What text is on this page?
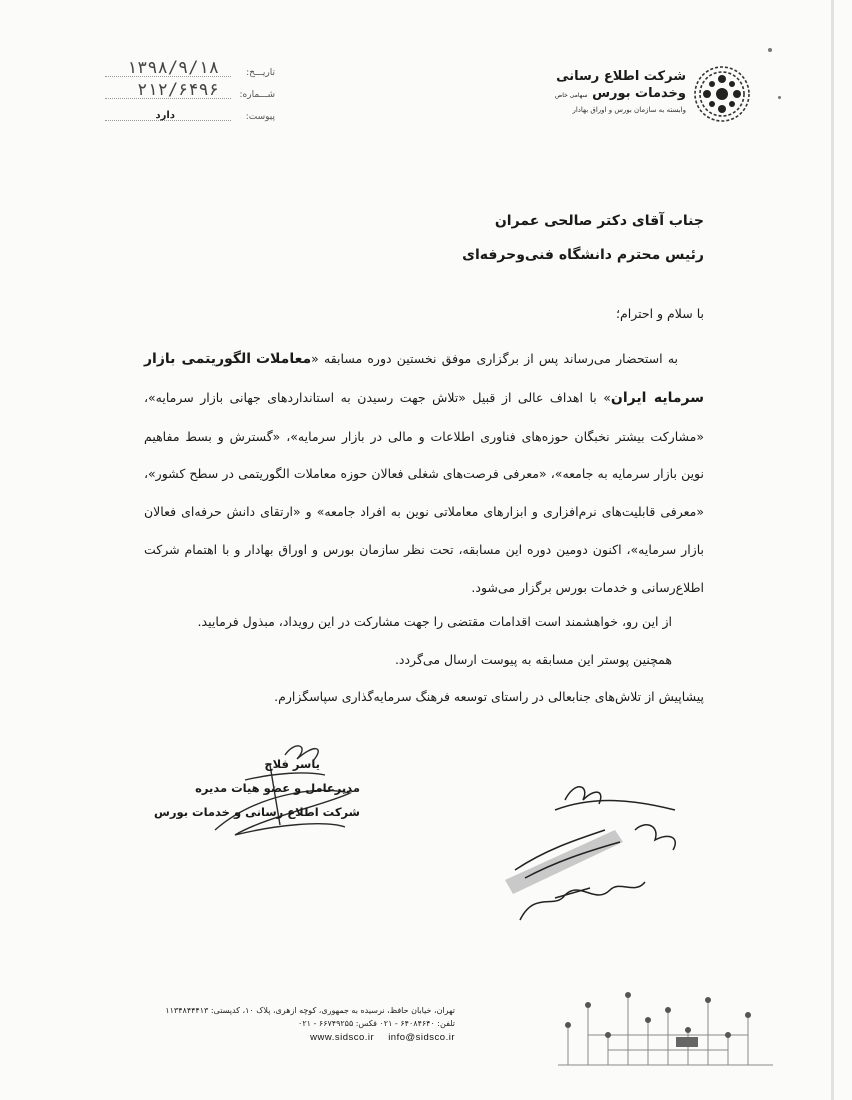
شرکت اطلاع رسانی
وخدمات بورس سهامی خاص
وابسته به سازمان بورس و اوراق بهادار
تاریـــخ:
۱۳۹۸/۹/۱۸
شـــماره:
۲۱۲/۶۴۹۶
پیوست:
دارد
جناب آقای دکتر صالحی عمران
رئیس محترم دانشگاه فنی‌وحرفه‌ای
با سلام و احترام؛

به استحضار می‌رساند پس از برگزاری موفق نخستین دوره مسابقه «معاملات الگوریتمی بازار سرمایه ایران» با اهداف عالی از قبیل «تلاش جهت رسیدن به استانداردهای جهانی بازار سرمایه»، «مشارکت بیشتر نخبگان حوزه‌های فناوری اطلاعات و مالی در بازار سرمایه»، «گسترش و بسط مفاهیم نوین بازار سرمایه به جامعه»، «معرفی فرصت‌های شغلی فعالان حوزه معاملات الگوریتمی در سطح کشور»، «معرفی قابلیت‌های نرم‌افزاری و ابزارهای معاملاتی نوین به افراد جامعه» و «ارتقای دانش حرفه‌ای فعالان بازار سرمایه»، اکنون دومین دوره این مسابقه، تحت نظر سازمان بورس و اوراق بهادار و با اهتمام شرکت اطلاع‌رسانی و خدمات بورس برگزار می‌شود.

از این رو، خواهشمند است اقدامات مقتضی را جهت مشارکت در این رویداد، مبذول فرمایید.
همچنین پوستر این مسابقه به پیوست ارسال می‌گردد.
پیشاپیش از تلاش‌های جنابعالی در راستای توسعه فرهنگ سرمایه‌گذاری سپاسگزارم.
یاسر فلاح
مدیرعامل و عضو هیات مدیره
شرکت اطلاع رسانی و خدمات بورس
تهران، خیابان حافظ، نرسیده به جمهوری، کوچه ازهری، پلاک ۱۰، کدپستی: ۱۱۳۴۸۴۴۴۱۳
تلفن: ۶۴۰۸۴۶۴۰ - ۰۲۱ فکس: ۶۶۷۴۹۲۵۵ - ۰۲۱
www.sidsco.ir info@sidsco.ir
